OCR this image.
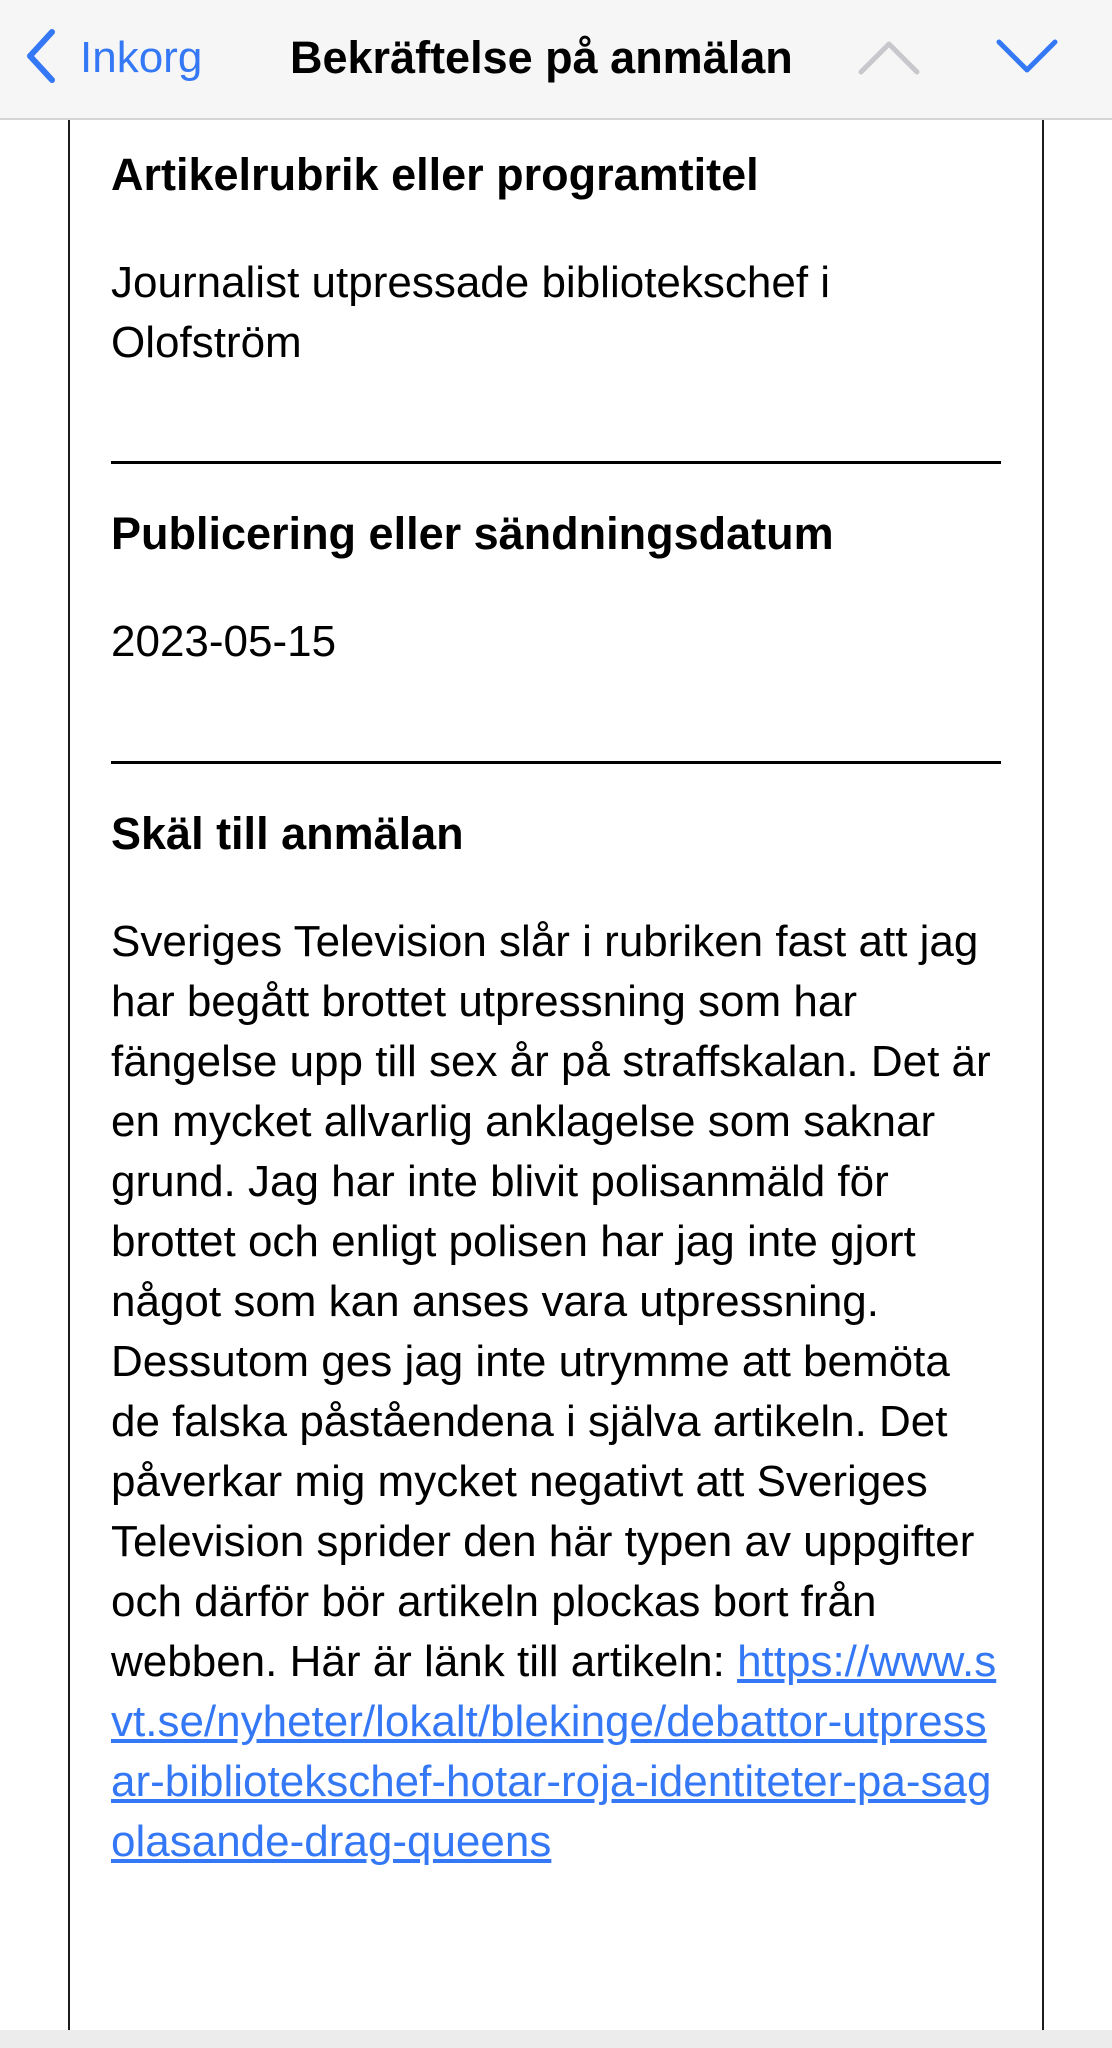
Inkorg Bekräftelse på anmälan

Artikelrubrik eller programtitel

Journalist utpressade bibliotekschef i Olofström

Publicering eller sändningsdatum

2023-05-15

Skäl till anmälan

Sveriges Television slår i rubriken fast att jag har begått brottet utpressning som har fängelse upp till sex år på straffskalan. Det är en mycket allvarlig anklagelse som saknar grund. Jag har inte blivit polisanmäld för brottet och enligt polisen har jag inte gjort något som kan anses vara utpressning. Dessutom ges jag inte utrymme att bemöta de falska påståendena i själva artikeln. Det påverkar mig mycket negativt att Sveriges Television sprider den här typen av uppgifter och därför bör artikeln plockas bort från webben. Här är länk till artikeln: https://www.svt.se/nyheter/lokalt/blekinge/debattor-utpressar-bibliotekschef-hotar-roja-identiteter-pa-sagolasande-drag-queens
